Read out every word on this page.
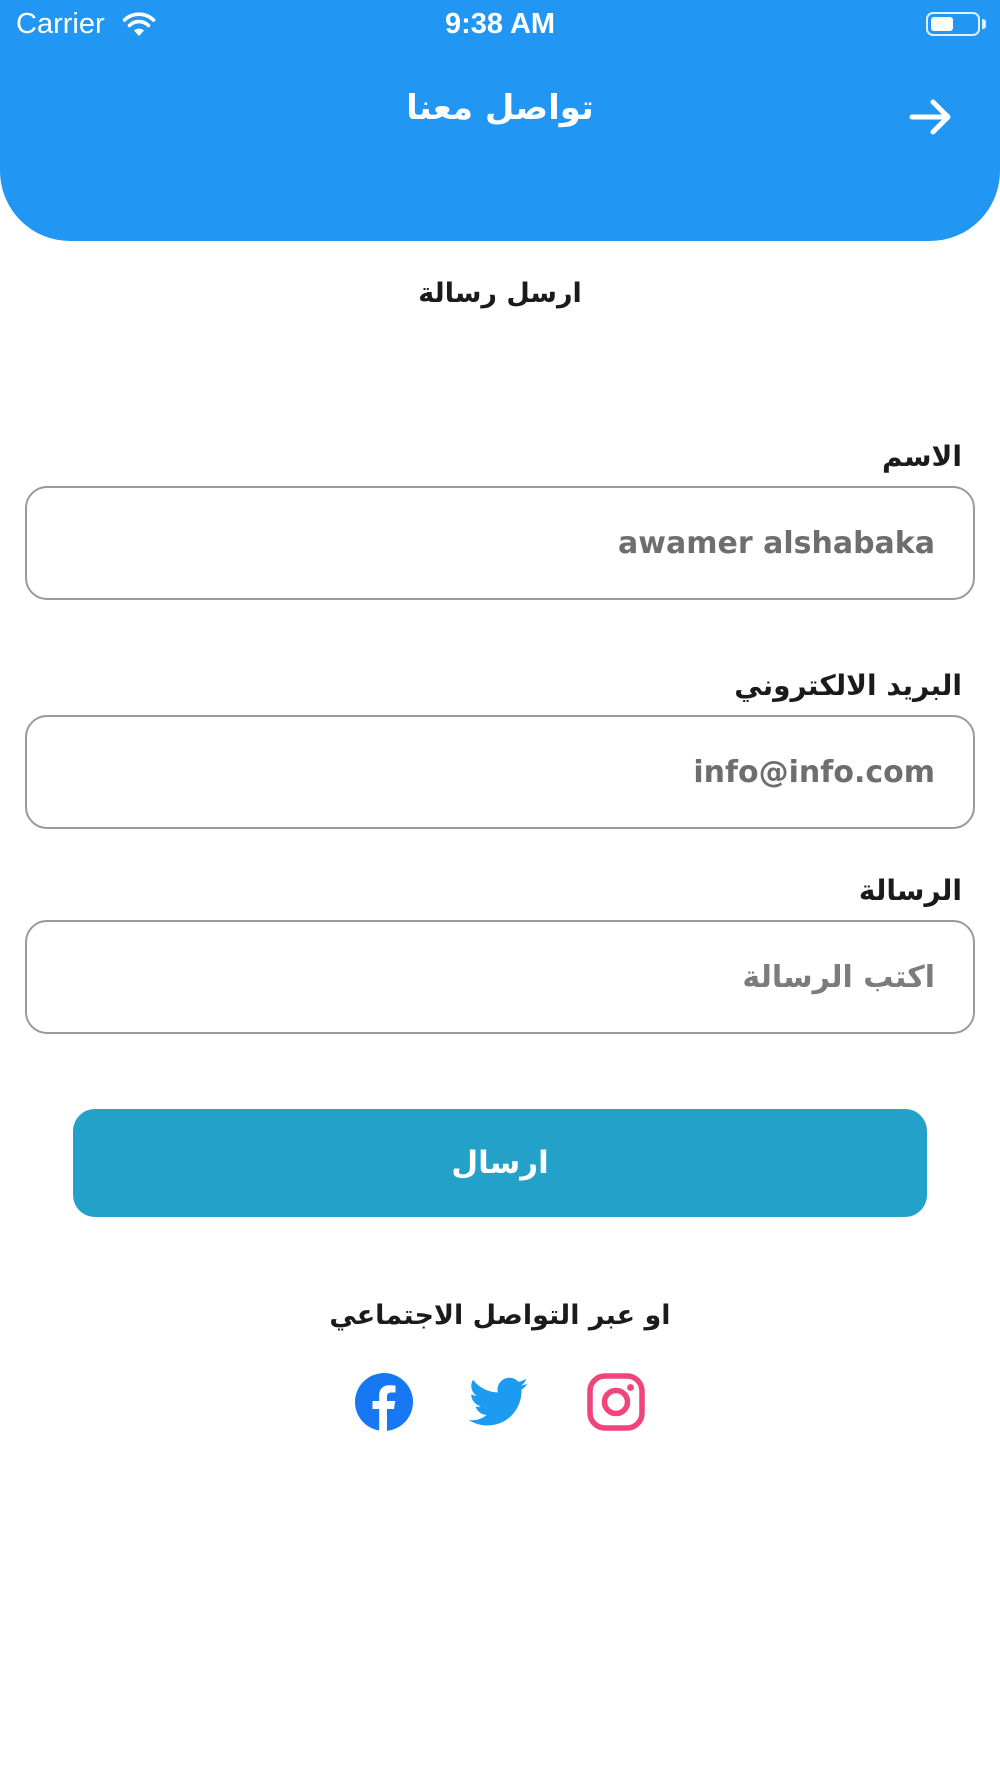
Carrier	9:38 AM
تواصل معنا
ارسل رسالة
الاسم
awamer alshabaka
البريد الالكتروني
info@info.com
الرسالة
اكتب الرسالة
ارسال
او عبر التواصل الاجتماعي
